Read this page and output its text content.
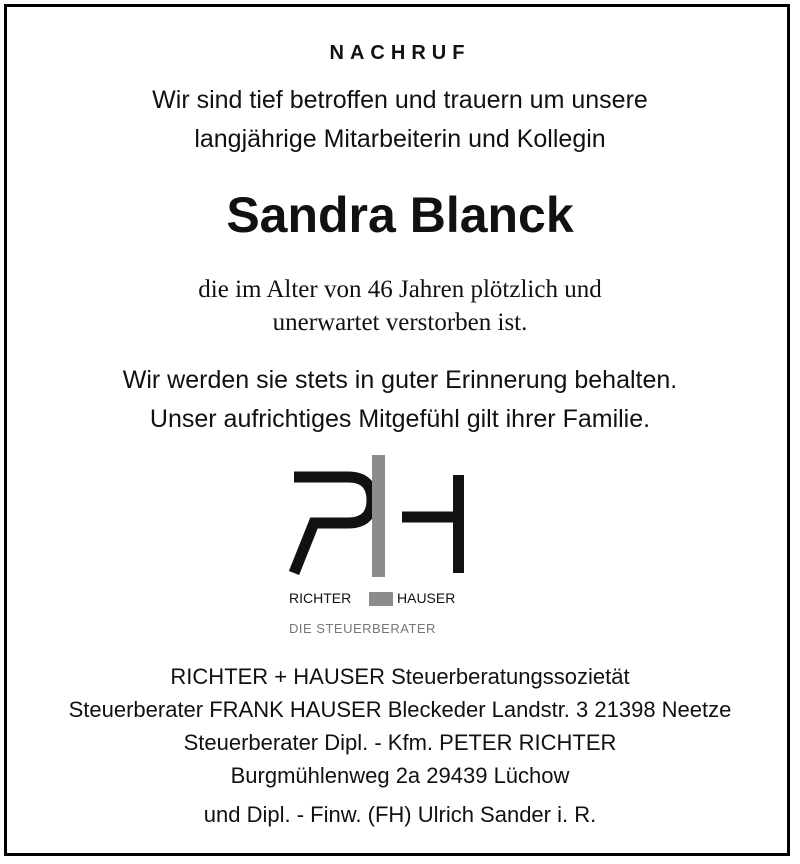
NACHRUF
Wir sind tief betroffen und trauern um unsere
langjährige Mitarbeiterin und Kollegin
Sandra Blanck
die im Alter von 46 Jahren plötzlich und
unerwartet verstorben ist.
Wir werden sie stets in guter Erinnerung behalten.
Unser aufrichtiges Mitgefühl gilt ihrer Familie.
RICHTER	HAUSER
DIE STEUERBERATER
RICHTER + HAUSER Steuerberatungssozietät
Steuerberater FRANK HAUSER Bleckeder Landstr. 3 21398 Neetze
Steuerberater Dipl. - Kfm. PETER RICHTER
Burgmühlenweg 2a 29439 Lüchow
und Dipl. - Finw. (FH) Ulrich Sander i. R.
